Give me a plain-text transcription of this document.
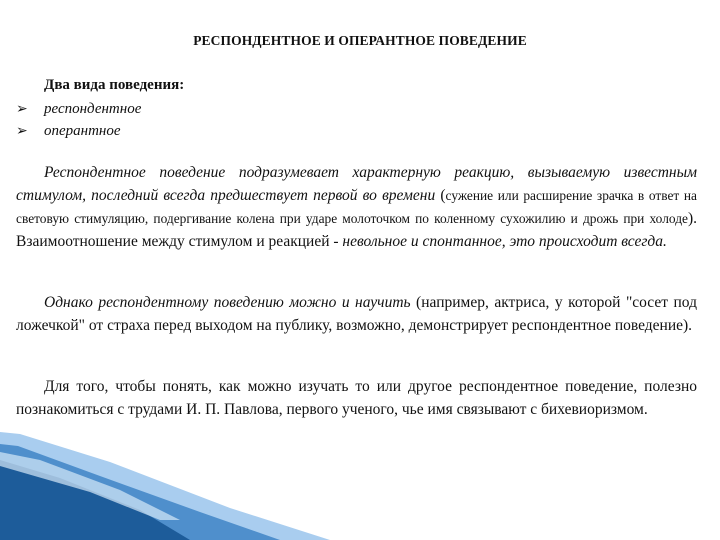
РЕСПОНДЕНТНОЕ И ОПЕРАНТНОЕ ПОВЕДЕНИЕ
Два вида поведения:
➢ респондентное
➢ оперантное

Респондентное поведение подразумевает характерную реакцию, вызываемую известным стимулом, последний всегда предшествует первой во времени (сужение или расширение зрачка в ответ на световую стимуляцию, подергивание колена при ударе молоточком по коленному сухожилию и дрожь при холоде). Взаимоотношение между стимулом и реакцией - невольное и спонтанное, это происходит всегда.

Однако респондентному поведению можно и научить (например, актриса, у которой "сосет под ложечкой" от страха перед выходом на публику, возможно, демонстрирует респондентное поведение).

Для того, чтобы понять, как можно изучать то или другое респондентное поведение, полезно познакомиться с трудами И. П. Павлова, первого ученого, чье имя связывают с бихевиоризмом.
